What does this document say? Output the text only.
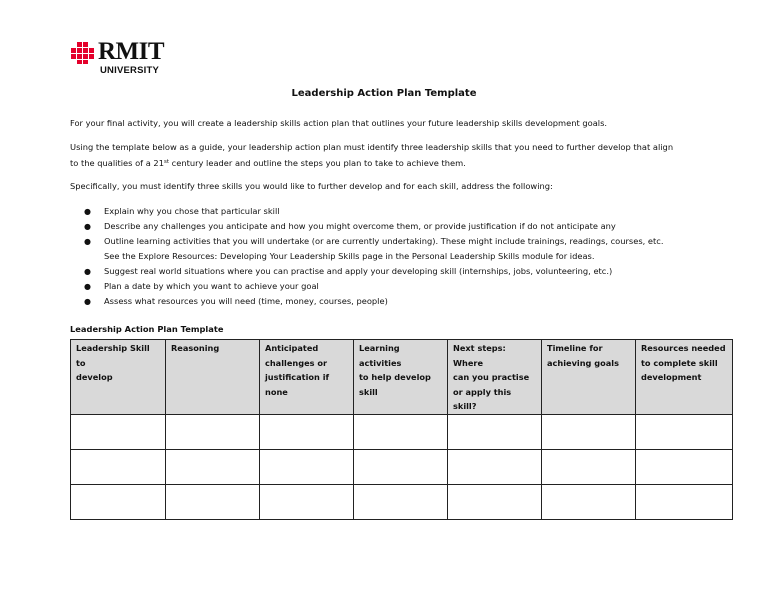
RMIT
UNIVERSITY
Leadership Action Plan Template

For your final activity, you will create a leadership skills action plan that outlines your future leadership skills development goals.

Using the template below as a guide, your leadership action plan must identify three leadership skills that you need to further develop that align
to the qualities of a 21st century leader and outline the steps you plan to take to achieve them.

Specifically, you must identify three skills you would like to further develop and for each skill, address the following:

● Explain why you chose that particular skill
● Describe any challenges you anticipate and how you might overcome them, or provide justification if do not anticipate any
● Outline learning activities that you will undertake (or are currently undertaking). These might include trainings, readings, courses, etc.
See the Explore Resources: Developing Your Leadership Skills page in the Personal Leadership Skills module for ideas.
● Suggest real world situations where you can practise and apply your developing skill (internships, jobs, volunteering, etc.)
● Plan a date by which you want to achieve your goal
● Assess what resources you will need (time, money, courses, people)
Leadership Action Plan Template
Leadership Skill to
develop	Reasoning	Anticipated
challenges or
justification if
none	Learning activities
to help develop
skill	Next steps: Where
can you practise
or apply this skill?	Timeline for
achieving goals	Resources needed
to complete skill
development
